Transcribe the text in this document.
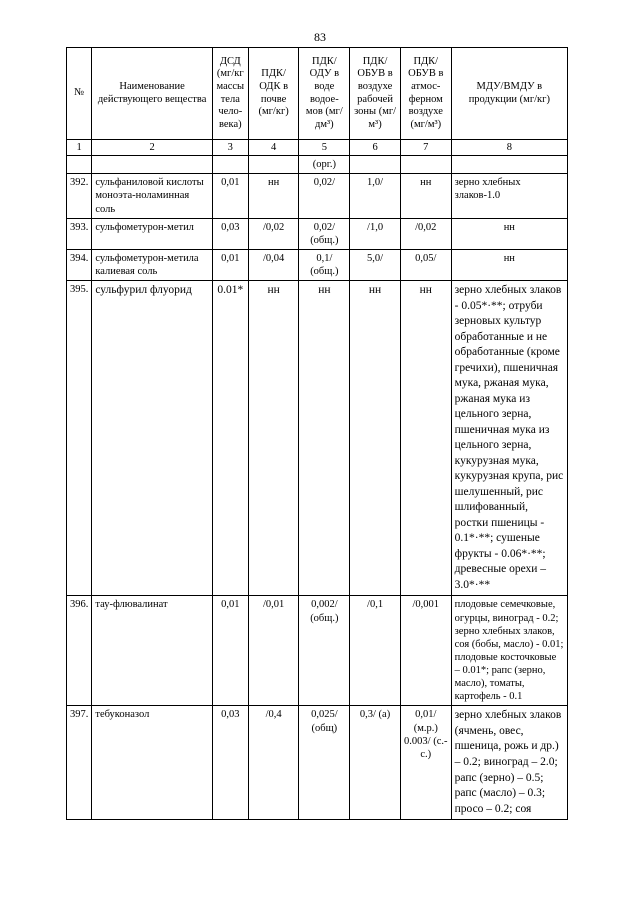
83
№	Наименование действующего вещества	ДСД (мг/кг массы тела чело-века)	ПДК/ ОДК в почве (мг/кг)	ПДК/ ОДУ в воде водое-мов (мг/дм³)	ПДК/ ОБУВ в воздухе рабочей зоны (мг/м³)	ПДК/ ОБУВ в атмос-ферном воздухе (мг/м³)	МДУ/ВМДУ в продукции (мг/кг)
1	2	3	4	5	6	7	8
				(орг.)			
392.	сульфаниловой кислоты моноэта-ноламинная соль	0,01	нн	0,02/	1,0/	нн	зерно хлебных злаков-1.0
393.	сульфометурон-метил	0,03	/0,02	0,02/ (общ.)	/1,0	/0,02	нн
394.	сульфометурон-метила калиевая соль	0,01	/0,04	0,1/ (общ.)	5,0/	0,05/	нн
395.	сульфурил флуорид	0.01*	нн	нн	нн	нн	зерно хлебных злаков - 0.05*·**; отруби зерновых культур обработанные и не обработанные (кроме гречихи), пшеничная мука, ржаная мука, ржаная мука из цельного зерна, пшеничная мука из цельного зерна, кукурузная мука, кукурузная крупа, рис шелушенный, рис шлифованный, ростки пшеницы - 0.1*·**; сушеные фрукты - 0.06*·**; древесные орехи – 3.0*·**
396.	тау-флювалинат	0,01	/0,01	0,002/ (общ.)	/0,1	/0,001	плодовые семечковые, огурцы, виноград - 0.2; зерно хлебных злаков, соя (бобы, масло) - 0.01; плодовые косточковые – 0.01*; рапс (зерно, масло), томаты, картофель - 0.1
397.	тебуконазол	0,03	/0,4	0,025/ (общ)	0,3/ (а)	0,01/ (м.р.) 0.003/ (с.-с.)	зерно хлебных злаков (ячмень, овес, пшеница, рожь и др.) – 0.2; виноград – 2.0; рапс (зерно) – 0.5; рапс (масло) – 0.3; просо – 0.2; соя
